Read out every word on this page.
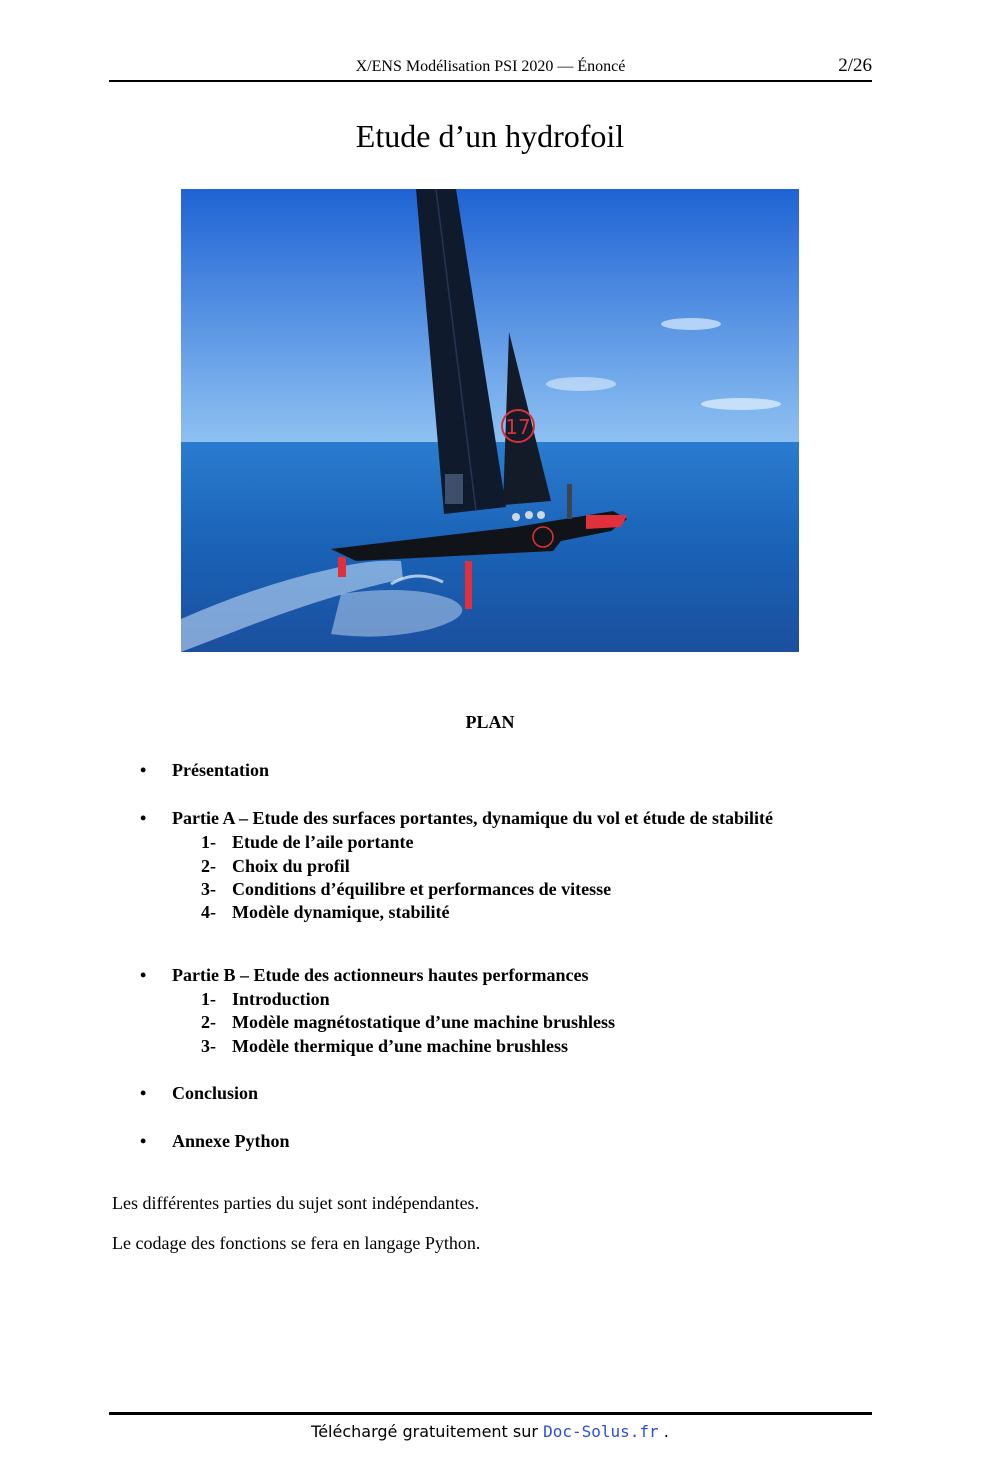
X/ENS Modélisation PSI 2020 — Énoncé	2/26
Etude d’un hydrofoil
17
PLAN
•	Présentation
•	Partie A – Etude des surfaces portantes, dynamique du vol et étude de stabilité
1- Etude de l’aile portante
2- Choix du profil
3- Conditions d’équilibre et performances de vitesse
4- Modèle dynamique, stabilité
•	Partie B – Etude des actionneurs hautes performances
1- Introduction
2- Modèle magnétostatique d’une machine brushless
3- Modèle thermique d’une machine brushless
•	Conclusion
•	Annexe Python
Les différentes parties du sujet sont indépendantes.
Le codage des fonctions se fera en langage Python.
Téléchargé gratuitement sur Doc-Solus.fr .
